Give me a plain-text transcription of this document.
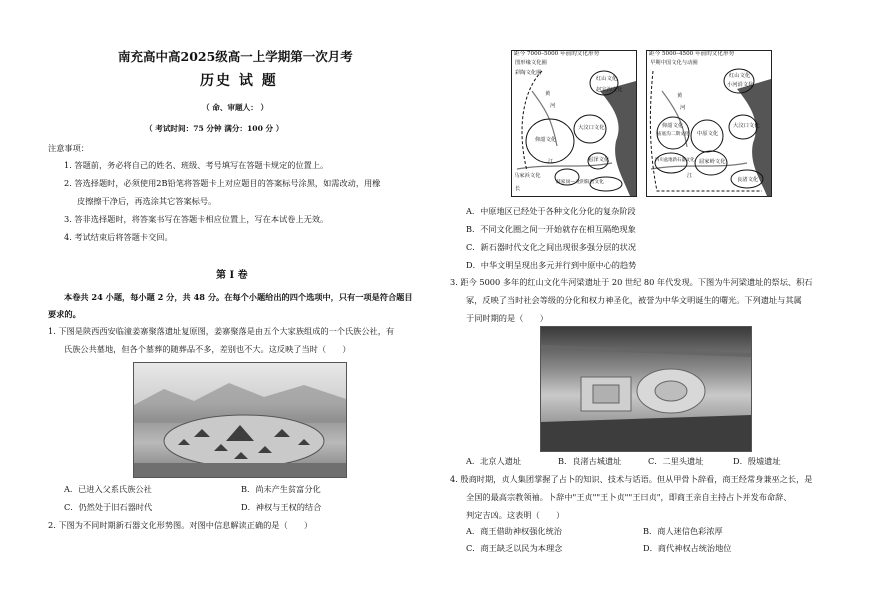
南充高中高2025级高一上学期第一次月考
历史 试 题
（ 命、审题人： ）
（ 考试时间：75 分钟 满分：100 分 ）
注意事项：
1. 答题前，务必将自己的姓名、班级、考号填写在答题卡规定的位置上。
2. 答选择题时，必须使用2B铅笔将答题卡上对应题目的答案标号涂黑，如需改动，用橡
皮擦擦干净后，再选涂其它答案标号。
3. 答非选择题时，将答案书写在答题卡相应位置上，写在本试卷上无效。
4. 考试结束后将答题卡交回。
第 Ⅰ 卷
本卷共 24 小题，每小题 2 分，共 48 分。在每个小题给出的四个选项中，只有一项是符合题目
要求的。
1. 下图是陕西西安临潼姜寨聚落遗址复原图，姜寨聚落是由五个大家族组成的一个氏族公社，有
氏族公共墓地，但各个墓葬的随葬品不多，差别也不大。这反映了当时（　　）
A．已进入父系氏族公社	B．尚未产生贫富分化
C．仍然处于旧石器时代	D．神权与王权的结合
2. 下图为不同时期新石器文化形势图。对图中信息解读正确的是（　　）
距今 7000–5000 年前的文化形势
图形缘文化圈
彩陶文化圈
黄
河
仰韶文化
红山文化
大汶口文化
赵宝沟文化
江
马家浜文化
长
崧泽文化
薛家岗—北阴阳营文化
距今 5000–4500 年前的文化形势
早期中国文化与动圈
黄
河
红山文化
小河沿文化
仰韶文化
庙底沟二期文化 中原文化
大汶口文化
屈家岭文化
江
四川盆地新石器文化
良渚文化
A．中原地区已经处于各种文化分化的复杂阶段
B．不同文化圈之间一开始就存在相互隔绝现象
C．新石器时代文化之间出现很多强分层的状况
D．中华文明呈现出多元并行到中原中心的趋势
3. 距今 5000 多年的红山文化牛河梁遗址于 20 世纪 80 年代发现。下图为牛河梁遗址的祭坛、积石
冢，反映了当时社会等级的分化和权力神圣化，被誉为中华文明诞生的曙光。下列遗址与其属
于同时期的是（　　）
A．北京人遗址	B．良渚古城遗址	C．二里头遗址	D．殷墟遗址
4. 殷商时期，贞人集团掌握了占卜的知识、技术与话语。但从甲骨卜辞看，商王经常身兼巫之长，是
全国的最高宗教领袖。卜辞中"王贞""王卜贞""王曰贞"，即商王亲自主持占卜并发布命辞、
判定吉凶。这表明（　　）
A．商王借助神权强化统治	B．商人迷信色彩浓厚
C．商王缺乏以民为本理念	D．商代神权占统治地位
